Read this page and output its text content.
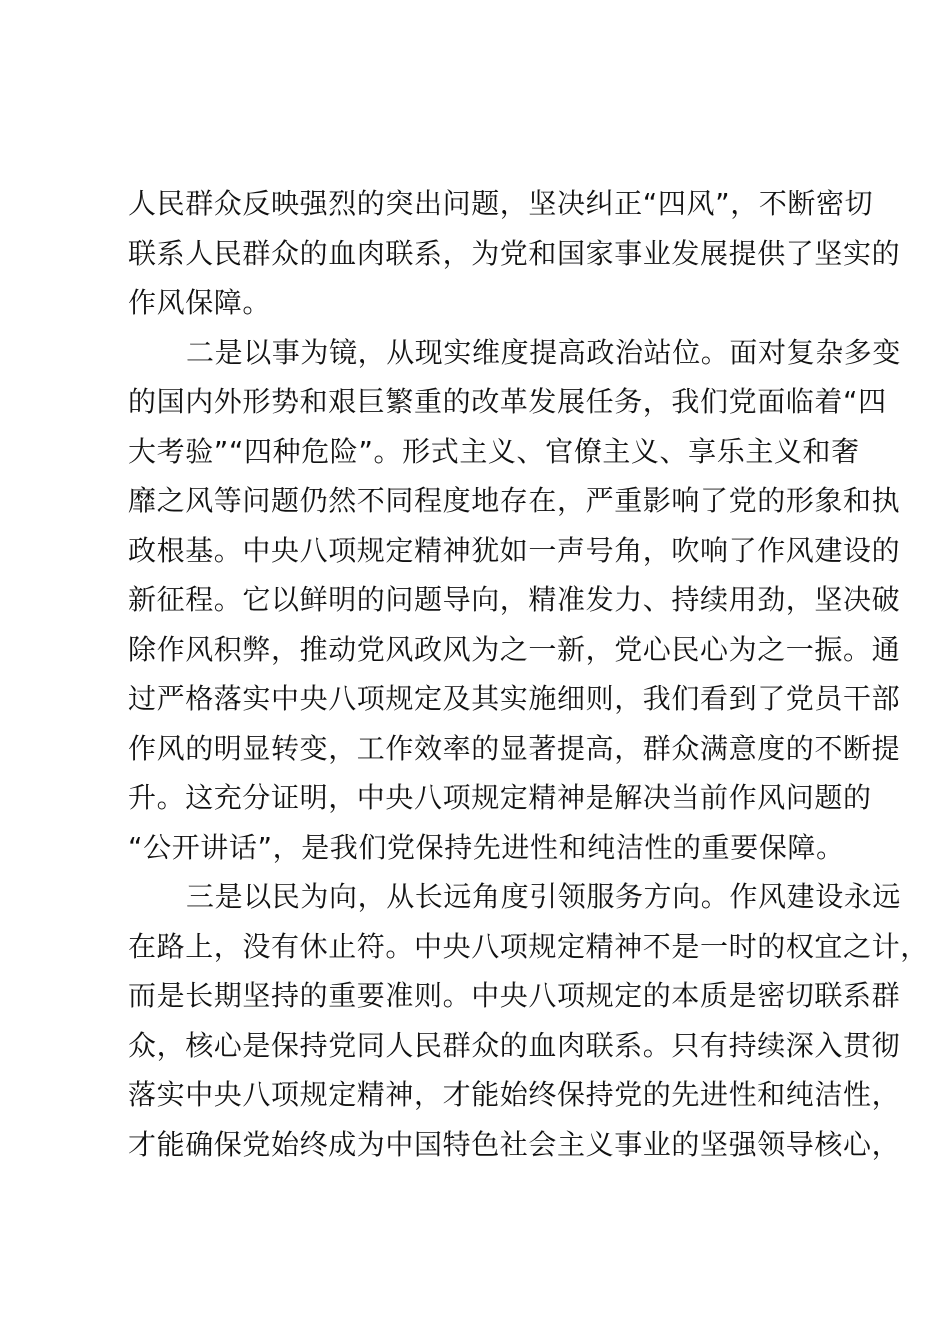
人民群众反映强烈的突出问题，坚决纠正“四风”，不断密切
联系人民群众的血肉联系，为党和国家事业发展提供了坚实的
作风保障。
二是以事为镜，从现实维度提高政治站位。面对复杂多变
的国内外形势和艰巨繁重的改革发展任务，我们党面临着“四
大考验”“四种危险”。形式主义、官僚主义、享乐主义和奢
靡之风等问题仍然不同程度地存在，严重影响了党的形象和执
政根基。中央八项规定精神犹如一声号角，吹响了作风建设的
新征程。它以鲜明的问题导向，精准发力、持续用劲，坚决破
除作风积弊，推动党风政风为之一新，党心民心为之一振。通
过严格落实中央八项规定及其实施细则，我们看到了党员干部
作风的明显转变，工作效率的显著提高，群众满意度的不断提
升。这充分证明，中央八项规定精神是解决当前作风问题的
“公开讲话”，是我们党保持先进性和纯洁性的重要保障。
三是以民为向，从长远角度引领服务方向。作风建设永远
在路上，没有休止符。中央八项规定精神不是一时的权宜之计，
而是长期坚持的重要准则。中央八项规定的本质是密切联系群
众，核心是保持党同人民群众的血肉联系。只有持续深入贯彻
落实中央八项规定精神，才能始终保持党的先进性和纯洁性，
才能确保党始终成为中国特色社会主义事业的坚强领导核心，
